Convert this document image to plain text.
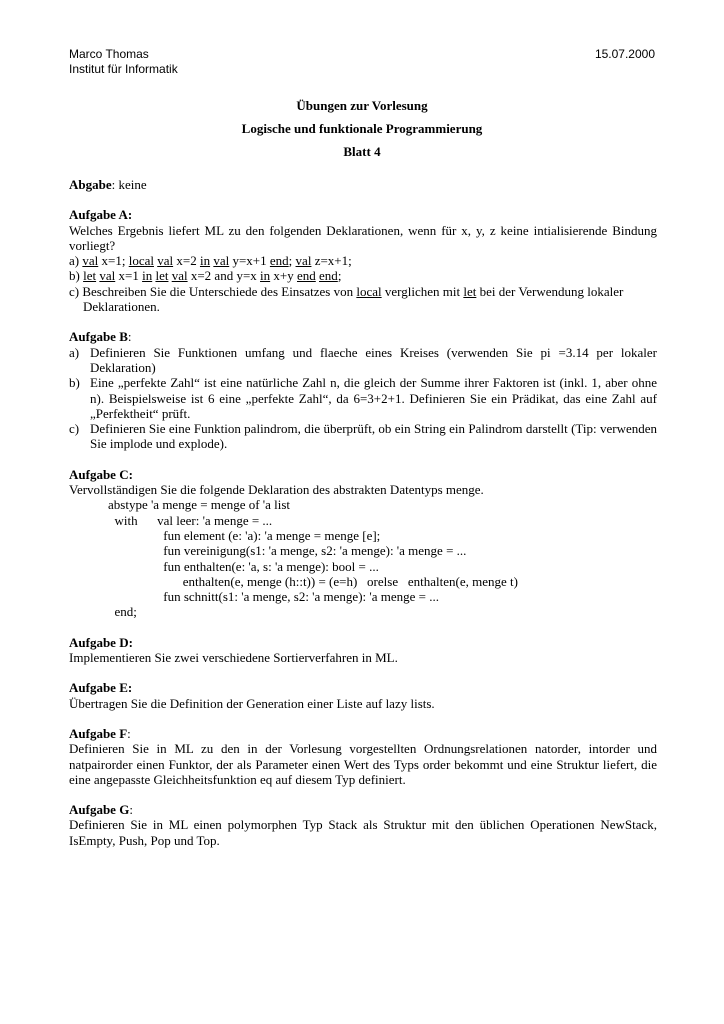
Marco Thomas
Institut für Informatik
15.07.2000
Übungen zur Vorlesung
Logische und funktionale Programmierung
Blatt 4

Abgabe: keine

Aufgabe A:

Welches Ergebnis liefert ML zu den folgenden Deklarationen, wenn für x, y, z keine intialisierende Bindung vorliegt?

a) val x=1; local val x=2 in val y=x+1 end; val z=x+1;

b) let val x=1 in let val x=2 and y=x in x+y end end;

c) Beschreiben Sie die Unterschiede des Einsatzes von local verglichen mit let bei der Verwendung lokaler Deklarationen.

Aufgabe B:
a) Definieren Sie Funktionen umfang und flaeche eines Kreises (verwenden Sie pi =3.14 per lokaler Deklaration)
b) Eine „perfekte Zahl“ ist eine natürliche Zahl n, die gleich der Summe ihrer Faktoren ist (inkl. 1, aber ohne n). Beispielsweise ist 6 eine „perfekte Zahl“, da 6=3+2+1. Definieren Sie ein Prädikat, das eine Zahl auf „Perfektheit“ prüft.
c) Definieren Sie eine Funktion palindrom, die überprüft, ob ein String ein Palindrom darstellt (Tip: verwenden Sie implode und explode).
Aufgabe C:

Vervollständigen Sie die folgende Deklaration des abstrakten Datentyps menge.

abstype 'a menge = menge of 'a list
with      val leer: 'a menge = ...
fun element (e: 'a): 'a menge = menge [e];
fun vereinigung(s1: 'a menge, s2: 'a menge): 'a menge = ...
fun enthalten(e: 'a, s: 'a menge): bool = ...
enthalten(e, menge (h::t)) = (e=h)   orelse   enthalten(e, menge t)
fun schnitt(s1: 'a menge, s2: 'a menge): 'a menge = ...
end;
Aufgabe D:

Implementieren Sie zwei verschiedene Sortierverfahren in ML.

Aufgabe E:

Übertragen Sie die Definition der Generation einer Liste auf lazy lists.

Aufgabe F:

Definieren Sie in ML zu den in der Vorlesung vorgestellten Ordnungsrelationen natorder, intorder und natpairorder einen Funktor, der als Parameter einen Wert des Typs order bekommt und eine Struktur liefert, die eine angepasste Gleichheitsfunktion eq auf diesem Typ definiert.

Aufgabe G:

Definieren Sie in ML einen polymorphen Typ Stack als Struktur mit den üblichen Operationen NewStack, IsEmpty, Push, Pop und Top.
